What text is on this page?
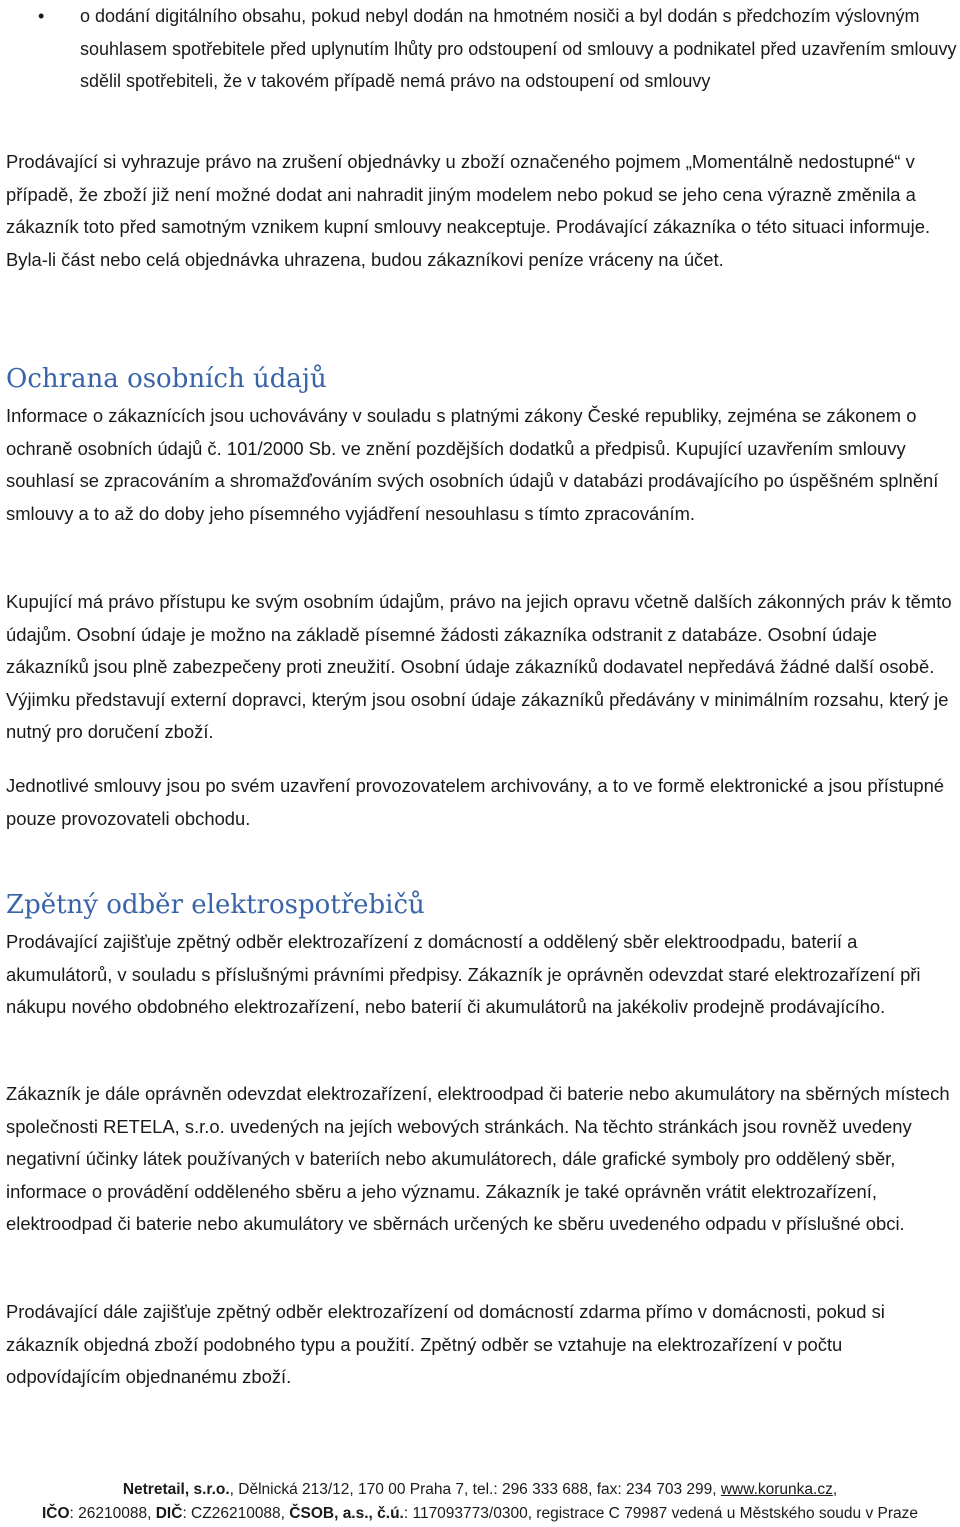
• o dodání digitálního obsahu, pokud nebyl dodán na hmotném nosiči a byl dodán s předchozím výslovným souhlasem spotřebitele před uplynutím lhůty pro odstoupení od smlouvy a podnikatel před uzavřením smlouvy sdělil spotřebiteli, že v takovém případě nemá právo na odstoupení od smlouvy

Prodávající si vyhrazuje právo na zrušení objednávky u zboží označeného pojmem „Momentálně nedostupné“ v případě, že zboží již není možné dodat ani nahradit jiným modelem nebo pokud se jeho cena výrazně změnila a zákazník toto před samotným vznikem kupní smlouvy neakceptuje. Prodávající zákazníka o této situaci informuje. Byla-li část nebo celá objednávka uhrazena, budou zákazníkovi peníze vráceny na účet.

Ochrana osobních údajů

Informace o zákaznících jsou uchovávány v souladu s platnými zákony České republiky, zejména se zákonem o ochraně osobních údajů č. 101/2000 Sb. ve znění pozdějších dodatků a předpisů. Kupující uzavřením smlouvy souhlasí se zpracováním a shromažďováním svých osobních údajů v databázi prodávajícího po úspěšném splnění smlouvy a to až do doby jeho písemného vyjádření nesouhlasu s tímto zpracováním.

Kupující má právo přístupu ke svým osobním údajům, právo na jejich opravu včetně dalších zákonných práv k těmto údajům. Osobní údaje je možno na základě písemné žádosti zákazníka odstranit z databáze. Osobní údaje zákazníků jsou plně zabezpečeny proti zneužití. Osobní údaje zákazníků dodavatel nepředává žádné další osobě. Výjimku představují externí dopravci, kterým jsou osobní údaje zákazníků předávány v minimálním rozsahu, který je nutný pro doručení zboží.

Jednotlivé smlouvy jsou po svém uzavření provozovatelem archivovány, a to ve formě elektronické a jsou přístupné pouze provozovateli obchodu.

Zpětný odběr elektrospotřebičů

Prodávající zajišťuje zpětný odběr elektrozařízení z domácností a oddělený sběr elektroodpadu, baterií a akumulátorů, v souladu s příslušnými právními předpisy. Zákazník je oprávněn odevzdat staré elektrozařízení při nákupu nového obdobného elektrozařízení, nebo baterií či akumulátorů na jakékoliv prodejně prodávajícího.

Zákazník je dále oprávněn odevzdat elektrozařízení, elektroodpad či baterie nebo akumulátory na sběrných místech společnosti RETELA, s.r.o. uvedených na jejích webových stránkách. Na těchto stránkách jsou rovněž uvedeny negativní účinky látek používaných v bateriích nebo akumulátorech, dále grafické symboly pro oddělený sběr, informace o provádění odděleného sběru a jeho významu. Zákazník je také oprávněn vrátit elektrozařízení, elektroodpad či baterie nebo akumulátory ve sběrnách určených ke sběru uvedeného odpadu v příslušné obci.

Prodávající dále zajišťuje zpětný odběr elektrozařízení od domácností zdarma přímo v domácnosti, pokud si zákazník objedná zboží podobného typu a použití. Zpětný odběr se vztahuje na elektrozařízení v počtu odpovídajícím objednanému zboží.

Netretail, s.r.o., Dělnická 213/12, 170 00 Praha 7, tel.: 296 333 688, fax: 234 703 299, www.korunka.cz,
IČO: 26210088, DIČ: CZ26210088, ČSOB, a.s., č.ú.: 117093773/0300, registrace C 79987 vedená u Městského soudu v Praze
